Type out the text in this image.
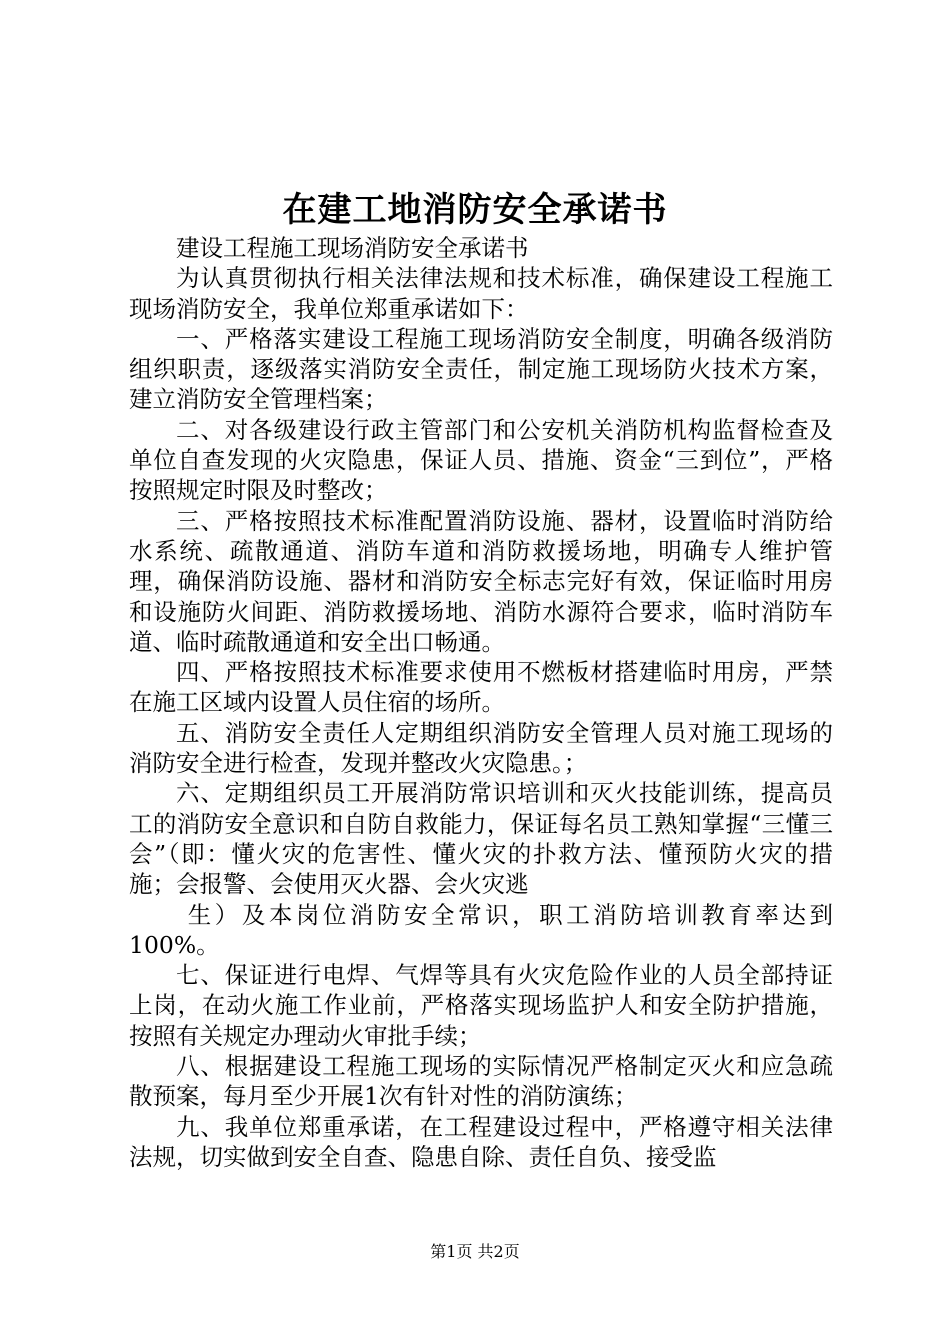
在建工地消防安全承诺书

建设工程施工现场消防安全承诺书

为认真贯彻执行相关法律法规和技术标准，确保建设工程施工现场消防安全，我单位郑重承诺如下：

一、严格落实建设工程施工现场消防安全制度，明确各级消防组织职责，逐级落实消防安全责任，制定施工现场防火技术方案，建立消防安全管理档案；

二、对各级建设行政主管部门和公安机关消防机构监督检查及单位自查发现的火灾隐患，保证人员、措施、资金“三到位”，严格按照规定时限及时整改；

三、严格按照技术标准配置消防设施、器材，设置临时消防给水系统、疏散通道、消防车道和消防救援场地，明确专人维护管理，确保消防设施、器材和消防安全标志完好有效，保证临时用房和设施防火间距、消防救援场地、消防水源符合要求，临时消防车道、临时疏散通道和安全出口畅通。

四、严格按照技术标准要求使用不燃板材搭建临时用房，严禁在施工区域内设置人员住宿的场所。

五、消防安全责任人定期组织消防安全管理人员对施工现场的消防安全进行检查，发现并整改火灾隐患。；

六、定期组织员工开展消防常识培训和灭火技能训练，提高员工的消防安全意识和自防自救能力，保证每名员工熟知掌握“三懂三会”（即：懂火灾的危害性、懂火灾的扑救方法、懂预防火灾的措施；会报警、会使用灭火器、会火灾逃

生）及本岗位消防安全常识，职工消防培训教育率达到100%。

七、保证进行电焊、气焊等具有火灾危险作业的人员全部持证上岗，在动火施工作业前，严格落实现场监护人和安全防护措施，按照有关规定办理动火审批手续；

八、根据建设工程施工现场的实际情况严格制定灭火和应急疏散预案，每月至少开展1次有针对性的消防演练；

九、我单位郑重承诺，在工程建设过程中，严格遵守相关法律法规，切实做到安全自查、隐患自除、责任自负、接受监

第1页 共2页
